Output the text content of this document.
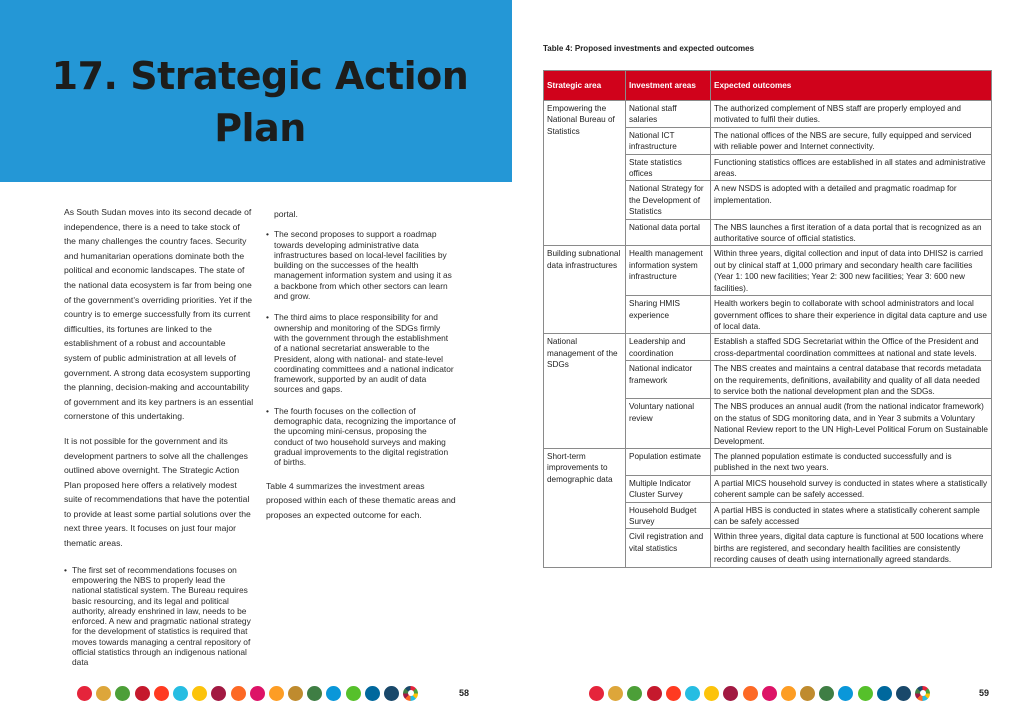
17. Strategic Action Plan

As South Sudan moves into its second decade of independence, there is a need to take stock of the many challenges the country faces. Security and humanitarian operations dominate both the political and economic landscapes. The state of the national data ecosystem is far from being one of the government’s overriding priorities. Yet if the country is to emerge successfully from its current difficulties, its fortunes are linked to the establishment of a robust and accountable system of public administration at all levels of government. A strong data ecosystem supporting the planning, decision-making and accountability of government and its key partners is an essential cornerstone of this undertaking.

It is not possible for the government and its development partners to solve all the challenges outlined above overnight. The Strategic Action Plan proposed here offers a relatively modest suite of recommendations that have the potential to provide at least some partial solutions over the next three years. It focuses on just four major thematic areas.

• The first set of recommendations focuses on empowering the NBS to properly lead the national statistical system. The Bureau requires basic resourcing, and its legal and political authority, already enshrined in law, needs to be enforced. A new and pragmatic national strategy for the development of statistics is required that moves towards managing a central repository of official statistics through an indigenous national data
portal.
• The second proposes to support a roadmap towards developing administrative data infrastructures based on local-level facilities by building on the successes of the health management information system and using it as a backbone from which other sectors can learn and grow.
• The third aims to place responsibility for and ownership and monitoring of the SDGs firmly with the government through the establishment of a national secretariat answerable to the President, along with national- and state-level coordinating committees and a national indicator framework, supported by an audit of data sources and gaps.
• The fourth focuses on the collection of demographic data, recognizing the importance of the upcoming mini-census, proposing the conduct of two household surveys and making gradual improvements to the digital registration of births.

Table 4 summarizes the investment areas proposed within each of these thematic areas and proposes an expected outcome for each.

58
Table 4: Proposed investments and expected outcomes
Strategic area	Investment areas	Expected outcomes
Empowering the National Bureau of Statistics	National staff salaries	The authorized complement of NBS staff are properly employed and motivated to fulfil their duties.
	National ICT infrastructure	The national offices of the NBS are secure, fully equipped and serviced with reliable power and Internet connectivity.
	State statistics offices	Functioning statistics offices are established in all states and administrative areas.
	National Strategy for the Development of Statistics	A new NSDS is adopted with a detailed and pragmatic roadmap for implementation.
	National data portal	The NBS launches a first iteration of a data portal that is recognized as an authoritative source of official statistics.
Building subnational data infrastructures	Health management information system infrastructure	Within three years, digital collection and input of data into DHIS2 is carried out by clinical staff at 1,000 primary and secondary health care facilities (Year 1: 100 new facilities; Year 2: 300 new facilities; Year 3: 600 new facilities).
	Sharing HMIS experience	Health workers begin to collaborate with school administrators and local government offices to share their experience in digital data capture and use of local data.
National management of the SDGs	Leadership and coordination	Establish a staffed SDG Secretariat within the Office of the President and cross-departmental coordination committees at national and state levels.
	National indicator framework	The NBS creates and maintains a central database that records metadata on the requirements, definitions, availability and quality of all data needed to service both the national development plan and the SDGs.
	Voluntary national review	The NBS produces an annual audit (from the national indicator framework) on the status of SDG monitoring data, and in Year 3 submits a Voluntary National Review report to the UN High-Level Political Forum on Sustainable Development.
Short-term improvements to demographic data	Population estimate	The planned population estimate is conducted successfully and is published in the next two years.
	Multiple Indicator Cluster Survey	A partial MICS household survey is conducted in states where a statistically coherent sample can be safely accessed.
	Household Budget Survey	A partial HBS is conducted in states where a statistically coherent sample can be safely accessed
	Civil registration and vital statistics	Within three years, digital data capture is functional at 500 locations where births are registered, and secondary health facilities are consistently recording causes of death using internationally agreed standards.
59
